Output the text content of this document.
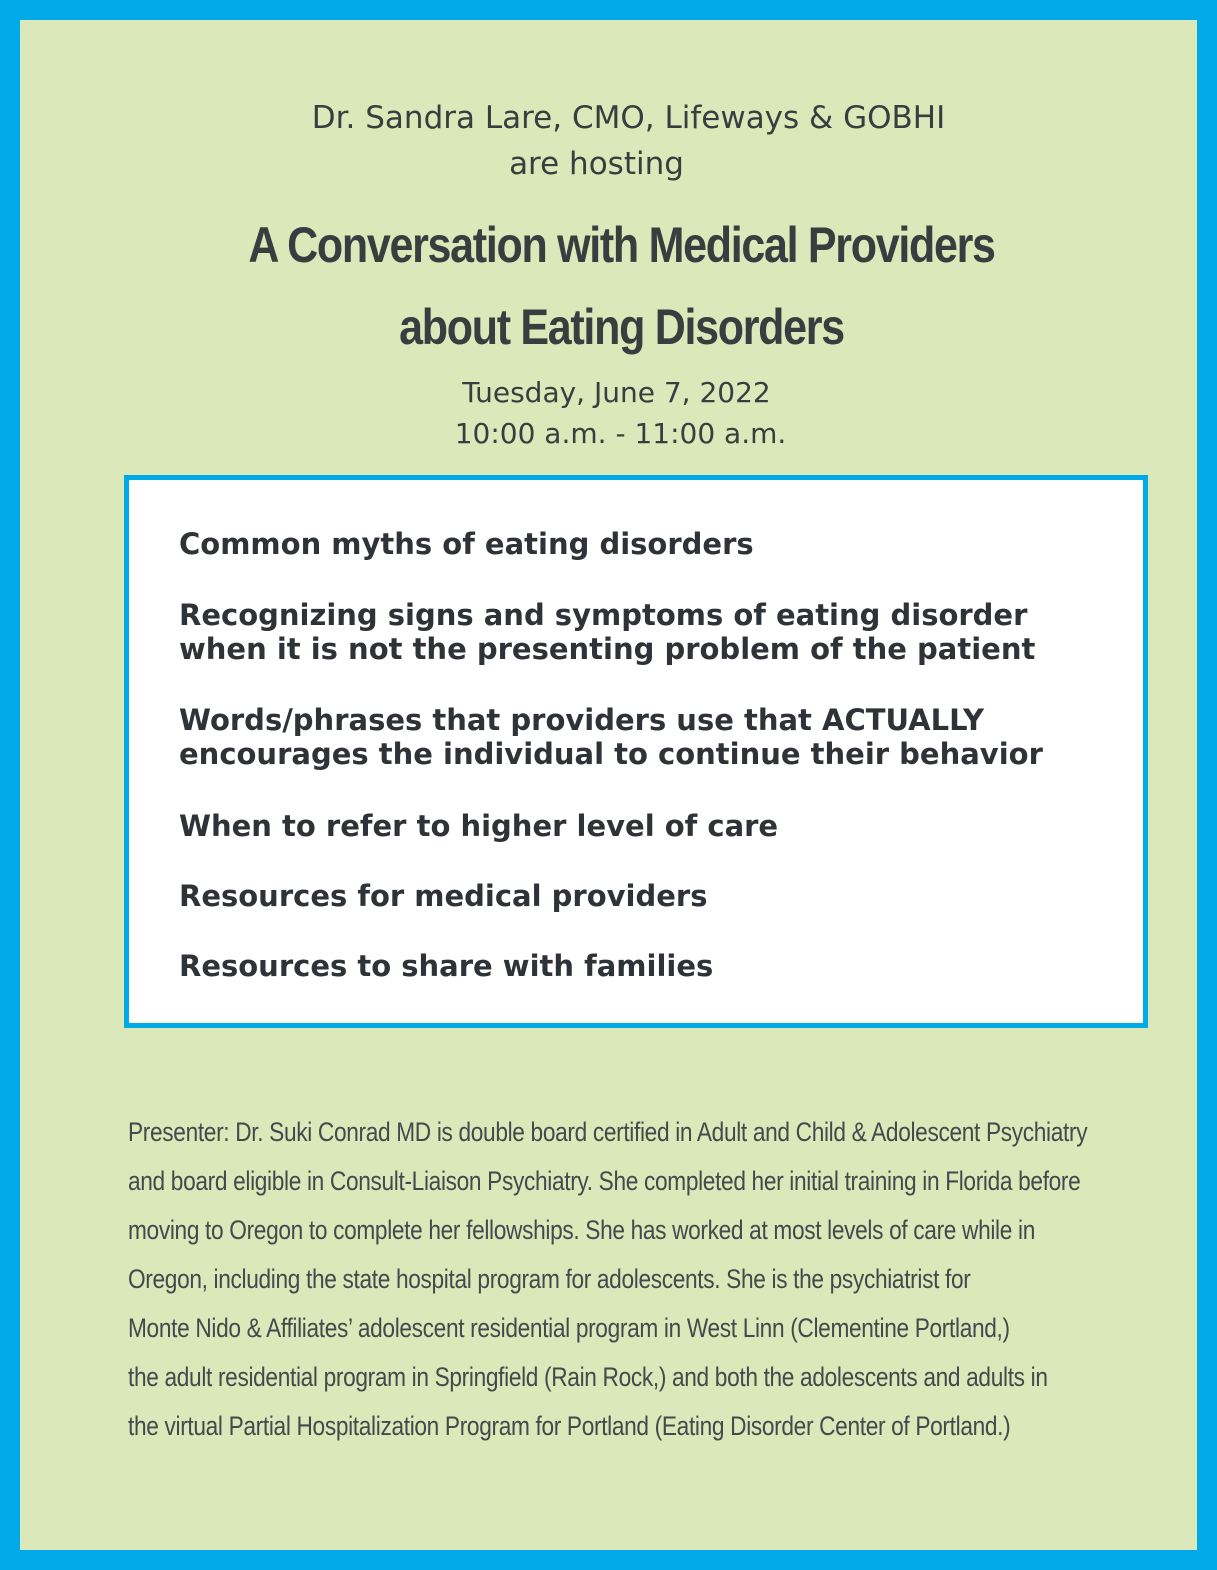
Dr. Sandra Lare, CMO, Lifeways & GOBHI
are hosting
A Conversation with Medical Providers
about Eating Disorders
Tuesday, June 7, 2022
10:00 a.m. - 11:00 a.m.
Common myths of eating disorders
Recognizing signs and symptoms of eating disorder
when it is not the presenting problem of the patient
Words/phrases that providers use that ACTUALLY
encourages the individual to continue their behavior
When to refer to higher level of care
Resources for medical providers
Resources to share with families
Presenter: Dr. Suki Conrad MD is double board certified in Adult and Child & Adolescent Psychiatry
and board eligible in Consult-Liaison Psychiatry. She completed her initial training in Florida before
moving to Oregon to complete her fellowships. She has worked at most levels of care while in
Oregon, including the state hospital program for adolescents. She is the psychiatrist for
Monte Nido & Affiliates’ adolescent residential program in West Linn (Clementine Portland,)
the adult residential program in Springfield (Rain Rock,) and both the adolescents and adults in
the virtual Partial Hospitalization Program for Portland (Eating Disorder Center of Portland.)
